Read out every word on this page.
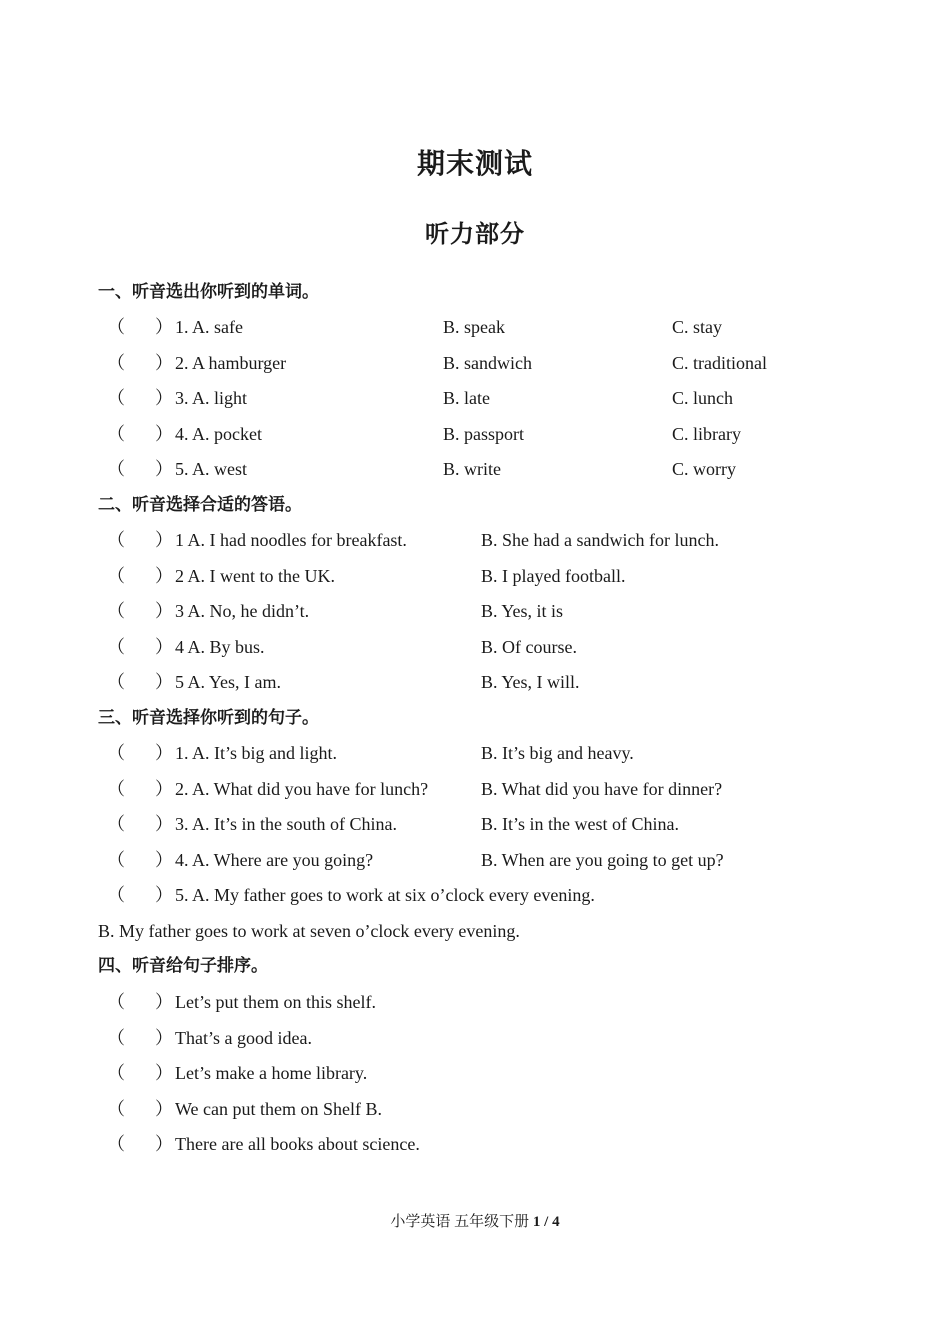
期末测试
听力部分
一、听音选出你听到的单词。
（ ） 1. A. safe	B. speak	C. stay
（ ） 2. A hamburger	B. sandwich	C. traditional
（ ） 3. A. light	B. late	C. lunch
（ ） 4. A. pocket	B. passport	C. library
（ ） 5. A. west	B. write	C. worry
二、听音选择合适的答语。
（ ） 1 A. I had noodles for breakfast.	B. She had a sandwich for lunch.
（ ） 2 A. I went to the UK.	B. I played football.
（ ） 3 A. No, he didn’t.	B. Yes, it is
（ ） 4 A. By bus.	B. Of course.
（ ） 5 A. Yes, I am.	B. Yes, I will.
三、听音选择你听到的句子。
（ ） 1. A. It’s big and light.	B. It’s big and heavy.
（ ） 2. A. What did you have for lunch?	B. What did you have for dinner?
（ ） 3. A. It’s in the south of China.	B. It’s in the west of China.
（ ） 4. A. Where are you going?	B. When are you going to get up?
（ ） 5. A. My father goes to work at six o’clock every evening.
B. My father goes to work at seven o’clock every evening.
四、听音给句子排序。
（ ） Let’s put them on this shelf.
（ ） That’s a good idea.
（ ） Let’s make a home library.
（ ） We can put them on Shelf B.
（ ） There are all books about science.
小学英语 五年级下册 1 / 4
